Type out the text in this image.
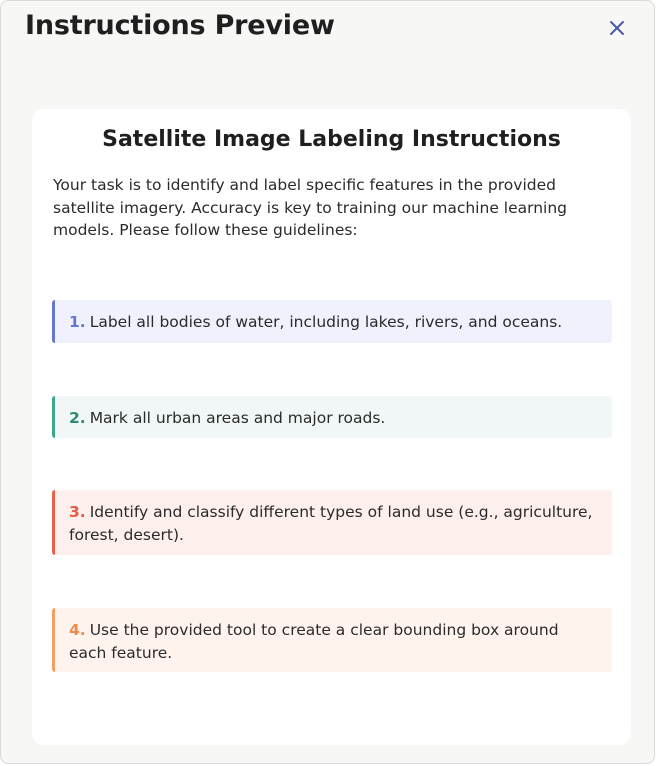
Instructions Preview
Satellite Image Labeling Instructions

Your task is to identify and label specific features in the provided satellite imagery. Accuracy is key to training our machine learning models. Please follow these guidelines:

1. Label all bodies of water, including lakes, rivers, and oceans.
2. Mark all urban areas and major roads.
3. Identify and classify different types of land use (e.g., agriculture, forest, desert).
4. Use the provided tool to create a clear bounding box around each feature.
